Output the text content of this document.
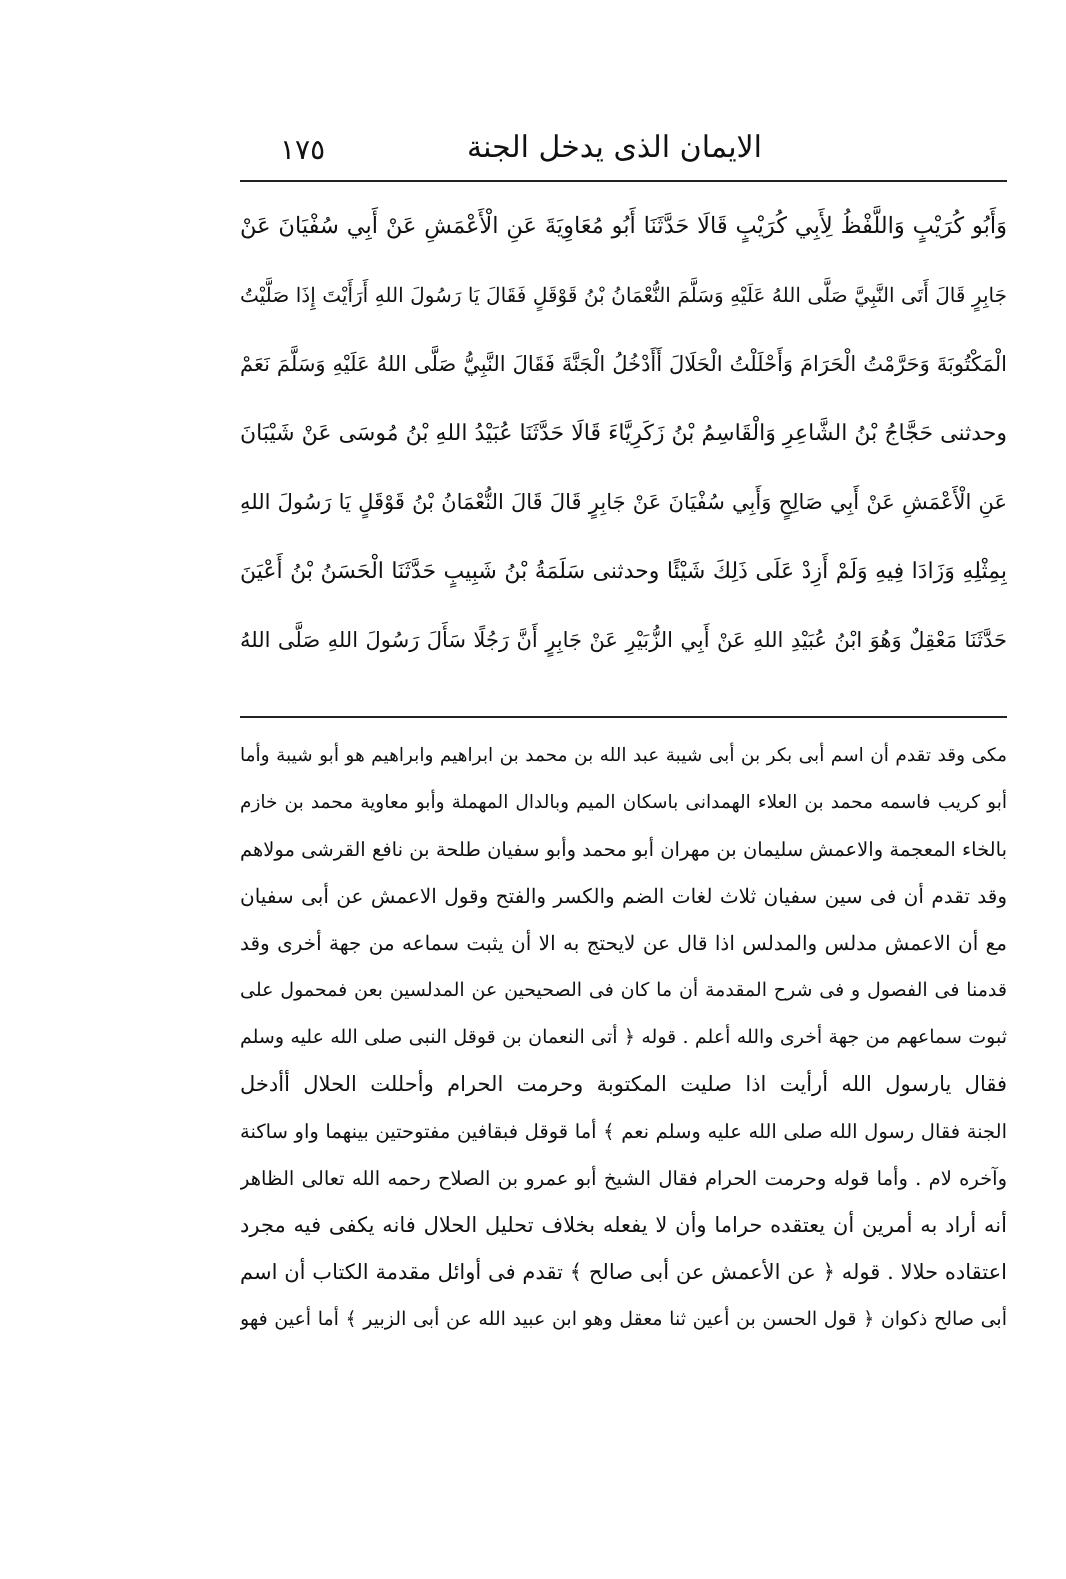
الايمان الذى يدخل الجنة
١٧٥
وَأَبُو كُرَيْبٍ وَاللَّفْظُ لِأَبِي كُرَيْبٍ قَالَا حَدَّثَنَا أَبُو مُعَاوِيَةَ عَنِ الْأَعْمَشِ عَنْ أَبِي سُفْيَانَ عَنْ
جَابِرٍ قَالَ أَتَى النَّبِيَّ صَلَّى اللهُ عَلَيْهِ وَسَلَّمَ النُّعْمَانُ بْنُ قَوْقَلٍ فَقَالَ يَا رَسُولَ اللهِ أَرَأَيْتَ إِذَا صَلَّيْتُ
الْمَكْتُوبَةَ وَحَرَّمْتُ الْحَرَامَ وَأَحْلَلْتُ الْحَلَالَ أَأَدْخُلُ الْجَنَّةَ فَقَالَ النَّبِيُّ صَلَّى اللهُ عَلَيْهِ وَسَلَّمَ نَعَمْ
وحدثنى حَجَّاجُ بْنُ الشَّاعِرِ وَالْقَاسِمُ بْنُ زَكَرِيَّاءَ قَالَا حَدَّثَنَا عُبَيْدُ اللهِ بْنُ مُوسَى عَنْ شَيْبَانَ
عَنِ الْأَعْمَشِ عَنْ أَبِي صَالِحٍ وَأَبِي سُفْيَانَ عَنْ جَابِرٍ قَالَ قَالَ النُّعْمَانُ بْنُ قَوْقَلٍ يَا رَسُولَ اللهِ
بِمِثْلِهِ وَزَادَا فِيهِ وَلَمْ أَزِدْ عَلَى ذَلِكَ شَيْئًا وحدثنى سَلَمَةُ بْنُ شَبِيبٍ حَدَّثَنَا الْحَسَنُ بْنُ أَعْيَنَ
حَدَّثَنَا مَعْقِلٌ وَهُوَ ابْنُ عُبَيْدِ اللهِ عَنْ أَبِي الزُّبَيْرِ عَنْ جَابِرٍ أَنَّ رَجُلًا سَأَلَ رَسُولَ اللهِ صَلَّى اللهُ
مكى وقد تقدم أن اسم أبى بكر بن أبى شيبة عبد الله بن محمد بن ابراهيم وابراهيم هو أبو شيبة وأما
أبو كريب فاسمه محمد بن العلاء الهمدانى باسكان الميم وبالدال المهملة وأبو معاوية محمد بن خازم
بالخاء المعجمة والاعمش سليمان بن مهران أبو محمد وأبو سفيان طلحة بن نافع القرشى مولاهم
وقد تقدم أن فى سين سفيان ثلاث لغات الضم والكسر والفتح وقول الاعمش عن أبى سفيان
مع أن الاعمش مدلس والمدلس اذا قال عن لايحتج به الا أن يثبت سماعه من جهة أخرى وقد
قدمنا فى الفصول و فى شرح المقدمة أن ما كان فى الصحيحين عن المدلسين بعن فمحمول على
ثبوت سماعهم من جهة أخرى والله أعلم . قوله ﴿ أتى النعمان بن قوقل النبى صلى الله عليه وسلم
فقال يارسول الله أرأيت اذا صليت المكتوبة وحرمت الحرام وأحللت الحلال أأدخل
الجنة فقال رسول الله صلى الله عليه وسلم نعم ﴾ أما قوقل فبقافين مفتوحتين بينهما واو ساكنة
وآخره لام . وأما قوله وحرمت الحرام فقال الشيخ أبو عمرو بن الصلاح رحمه الله تعالى الظاهر
أنه أراد به أمرين أن يعتقده حراما وأن لا يفعله بخلاف تحليل الحلال فانه يكفى فيه مجرد
اعتقاده حلالا . قوله ﴿ عن الأعمش عن أبى صالح ﴾ تقدم فى أوائل مقدمة الكتاب أن اسم
أبى صالح ذكوان ﴿ قول الحسن بن أعين ثنا معقل وهو ابن عبيد الله عن أبى الزبير ﴾ أما أعين فهو
